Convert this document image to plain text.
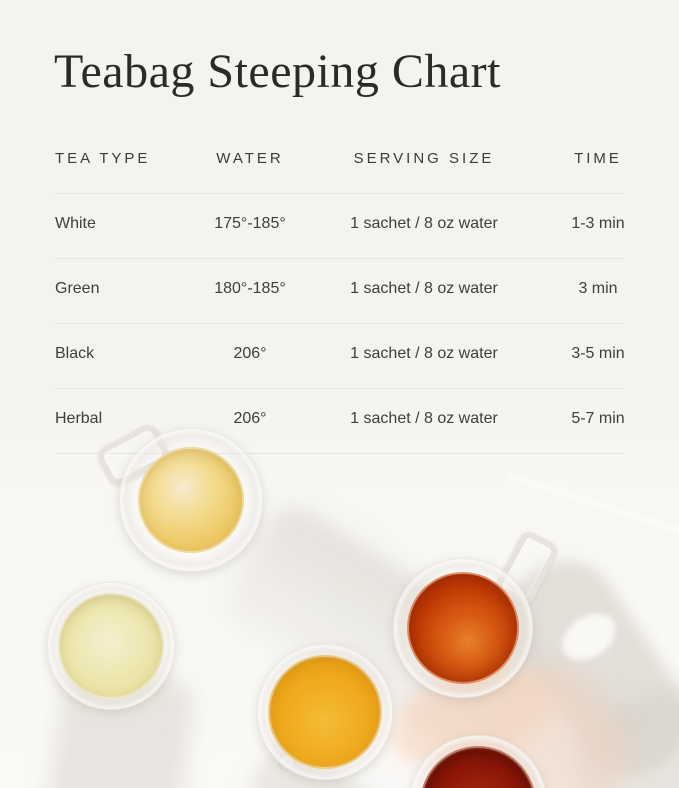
Teabag Steeping Chart
TEA TYPE	WATER	SERVING SIZE	TIME
White	175°-185°	1 sachet / 8 oz water	1-3 min
Green	180°-185°	1 sachet / 8 oz water	3 min
Black	206°	1 sachet / 8 oz water	3-5 min
Herbal	206°	1 sachet / 8 oz water	5-7 min
